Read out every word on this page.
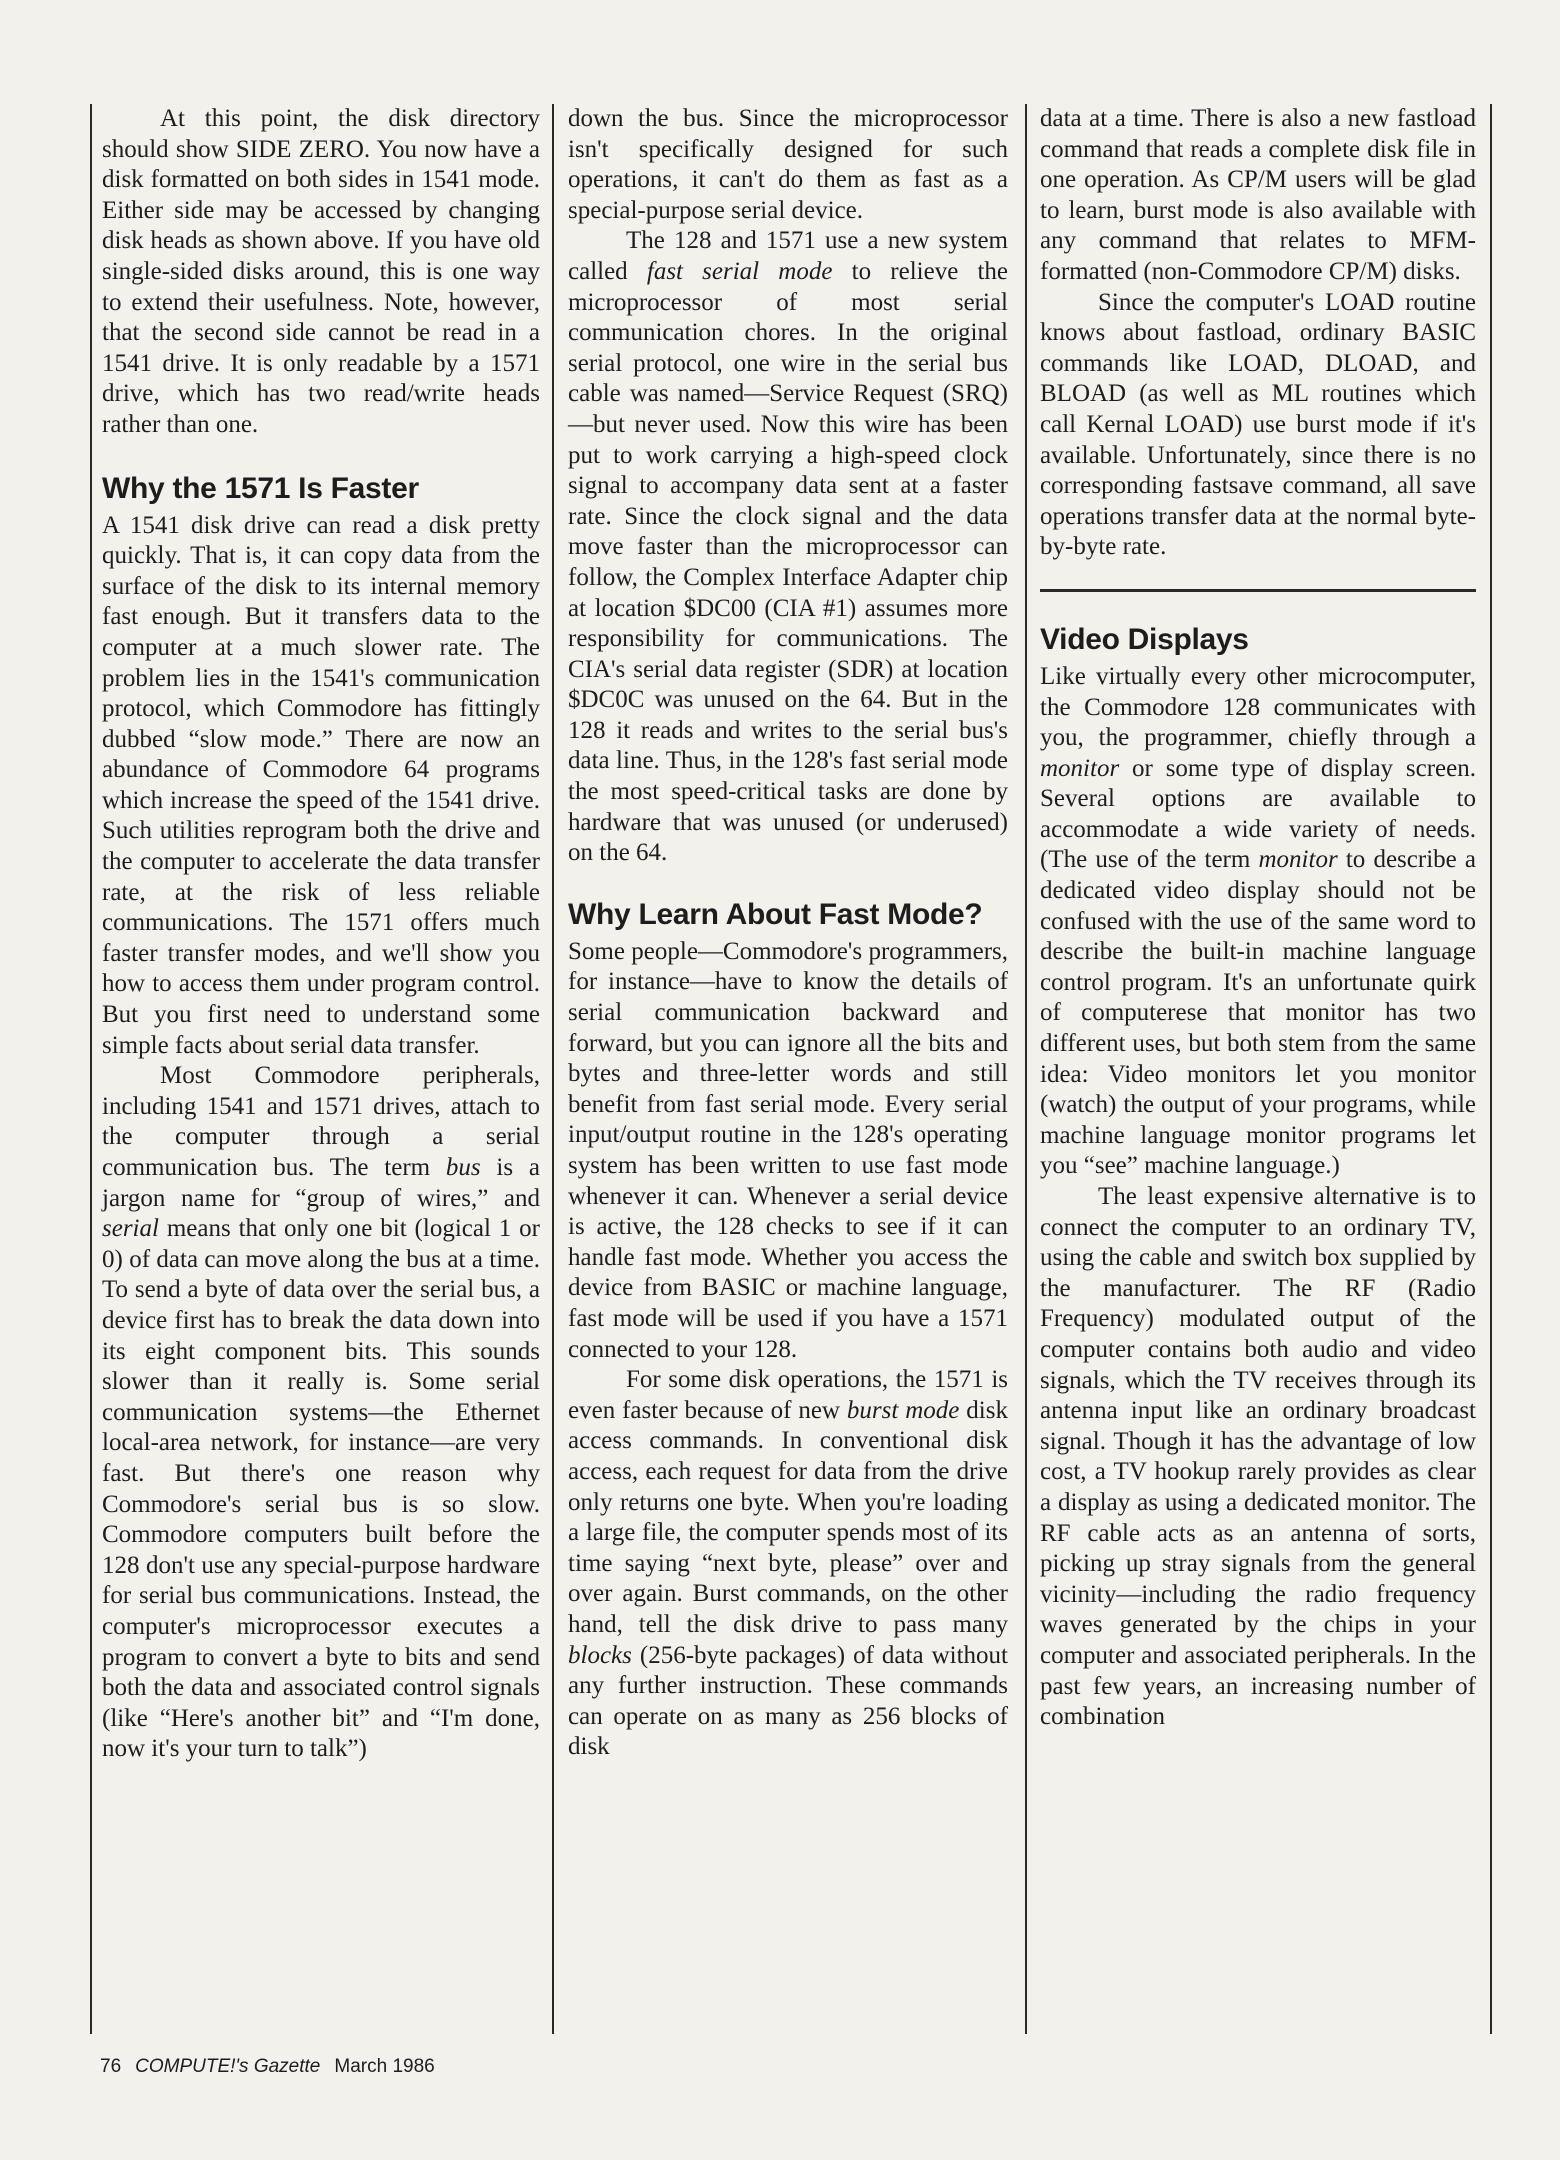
At this point, the disk directory should show SIDE ZERO. You now have a disk formatted on both sides in 1541 mode. Either side may be accessed by changing disk heads as shown above. If you have old single-sided disks around, this is one way to extend their usefulness. Note, however, that the second side cannot be read in a 1541 drive. It is only readable by a 1571 drive, which has two read/write heads rather than one.

Why the 1571 Is Faster

A 1541 disk drive can read a disk pretty quickly. That is, it can copy data from the surface of the disk to its internal memory fast enough. But it transfers data to the computer at a much slower rate. The problem lies in the 1541's communication protocol, which Commodore has fittingly dubbed “slow mode.” There are now an abundance of Commodore 64 programs which increase the speed of the 1541 drive. Such utilities reprogram both the drive and the computer to accelerate the data transfer rate, at the risk of less reliable communications. The 1571 offers much faster transfer modes, and we'll show you how to access them under program control. But you first need to understand some simple facts about serial data transfer.

Most Commodore peripherals, including 1541 and 1571 drives, attach to the computer through a serial communication bus. The term bus is a jargon name for “group of wires,” and serial means that only one bit (logical 1 or 0) of data can move along the bus at a time. To send a byte of data over the serial bus, a device first has to break the data down into its eight component bits. This sounds slower than it really is. Some serial communication systems—the Ethernet local-area network, for instance—are very fast. But there's one reason why Commodore's serial bus is so slow. Commodore computers built before the 128 don't use any special-purpose hardware for serial bus communications. Instead, the computer's microprocessor executes a program to convert a byte to bits and send both the data and associated control signals (like “Here's another bit” and “I'm done, now it's your turn to talk”)

down the bus. Since the microprocessor isn't specifically designed for such operations, it can't do them as fast as a special-purpose serial device.

The 128 and 1571 use a new system called fast serial mode to relieve the microprocessor of most serial communication chores. In the original serial protocol, one wire in the serial bus cable was named—Service Request (SRQ)—but never used. Now this wire has been put to work carrying a high-speed clock signal to accompany data sent at a faster rate. Since the clock signal and the data move faster than the microprocessor can follow, the Complex Interface Adapter chip at location $DC00 (CIA #1) assumes more responsibility for communications. The CIA's serial data register (SDR) at location $DC0C was unused on the 64. But in the 128 it reads and writes to the serial bus's data line. Thus, in the 128's fast serial mode the most speed-critical tasks are done by hardware that was unused (or underused) on the 64.

Why Learn About Fast Mode?

Some people—Commodore's programmers, for instance—have to know the details of serial communication backward and forward, but you can ignore all the bits and bytes and three-letter words and still benefit from fast serial mode. Every serial input/output routine in the 128's operating system has been written to use fast mode whenever it can. Whenever a serial device is active, the 128 checks to see if it can handle fast mode. Whether you access the device from BASIC or machine language, fast mode will be used if you have a 1571 connected to your 128.

For some disk operations, the 1571 is even faster because of new burst mode disk access commands. In conventional disk access, each request for data from the drive only returns one byte. When you're loading a large file, the computer spends most of its time saying “next byte, please” over and over again. Burst commands, on the other hand, tell the disk drive to pass many blocks (256-byte packages) of data without any further instruction. These commands can operate on as many as 256 blocks of disk

data at a time. There is also a new fastload command that reads a complete disk file in one operation. As CP/M users will be glad to learn, burst mode is also available with any command that relates to MFM-formatted (non-Commodore CP/M) disks.

Since the computer's LOAD routine knows about fastload, ordinary BASIC commands like LOAD, DLOAD, and BLOAD (as well as ML routines which call Kernal LOAD) use burst mode if it's available. Unfortunately, since there is no corresponding fastsave command, all save operations transfer data at the normal byte-by-byte rate.

Video Displays

Like virtually every other microcomputer, the Commodore 128 communicates with you, the programmer, chiefly through a monitor or some type of display screen. Several options are available to accommodate a wide variety of needs. (The use of the term monitor to describe a dedicated video display should not be confused with the use of the same word to describe the built-in machine language control program. It's an unfortunate quirk of computerese that monitor has two different uses, but both stem from the same idea: Video monitors let you monitor (watch) the output of your programs, while machine language monitor programs let you “see” machine language.)

The least expensive alternative is to connect the computer to an ordinary TV, using the cable and switch box supplied by the manufacturer. The RF (Radio Frequency) modulated output of the computer contains both audio and video signals, which the TV receives through its antenna input like an ordinary broadcast signal. Though it has the advantage of low cost, a TV hookup rarely provides as clear a display as using a dedicated monitor. The RF cable acts as an antenna of sorts, picking up stray signals from the general vicinity—including the radio frequency waves generated by the chips in your computer and associated peripherals. In the past few years, an increasing number of combination

76 COMPUTE!'s Gazette March 1986
